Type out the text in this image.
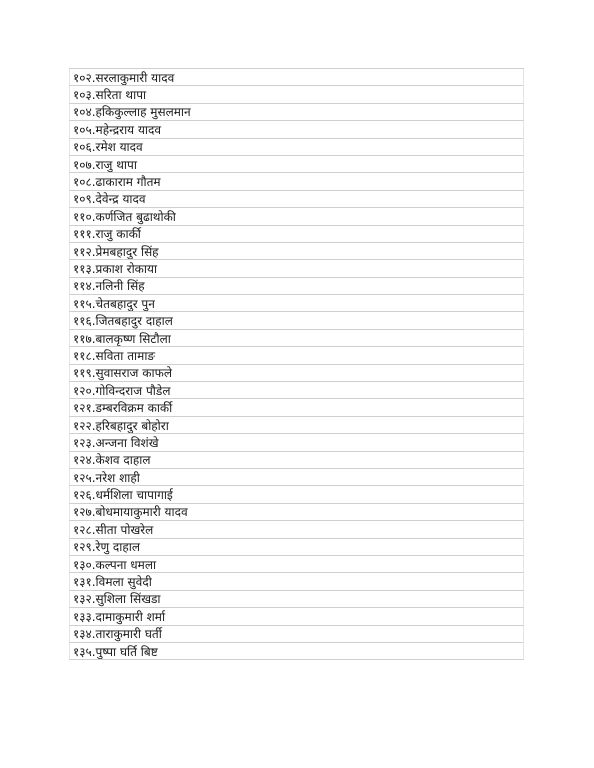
१०२.सरलाकुमारी यादव
१०३.सरिता थापा
१०४.हकिकुल्लाह मुसलमान
१०५.महेन्द्रराय यादव
१०६.रमेश यादव
१०७.राजु थापा
१०८.ढाकाराम गौतम
१०९.देवेन्द्र यादव
११०.कर्णजित बुढाथोकी
१११.राजु कार्की
११२.प्रेमबहादुर सिंह
११३.प्रकाश रोकाया
११४.नलिनी सिंह
११५.चेतबहादुर पुन
११६.जितबहादुर दाहाल
११७.बालकृष्ण सिटौला
११८.सविता तामाङ
११९.सुवासराज काफले
१२०.गोविन्दराज पौडेल
१२१.डम्बरविक्रम कार्की
१२२.हरिबहादुर बोहोरा
१२३.अन्जना विशंखे
१२४.केशव दाहाल
१२५.नरेश शाही
१२६.धर्मशिला चापागाई
१२७.बोधमायाकुमारी यादव
१२८.सीता पोखरेल
१२९.रेणु दाहाल
१३०.कल्पना धमला
१३१.विमला सुवेदी
१३२.सुशिला सिंखडा
१३३.दामाकुमारी शर्मा
१३४.ताराकुमारी घर्ती
१३५.पुष्पा घर्ति बिष्ट
